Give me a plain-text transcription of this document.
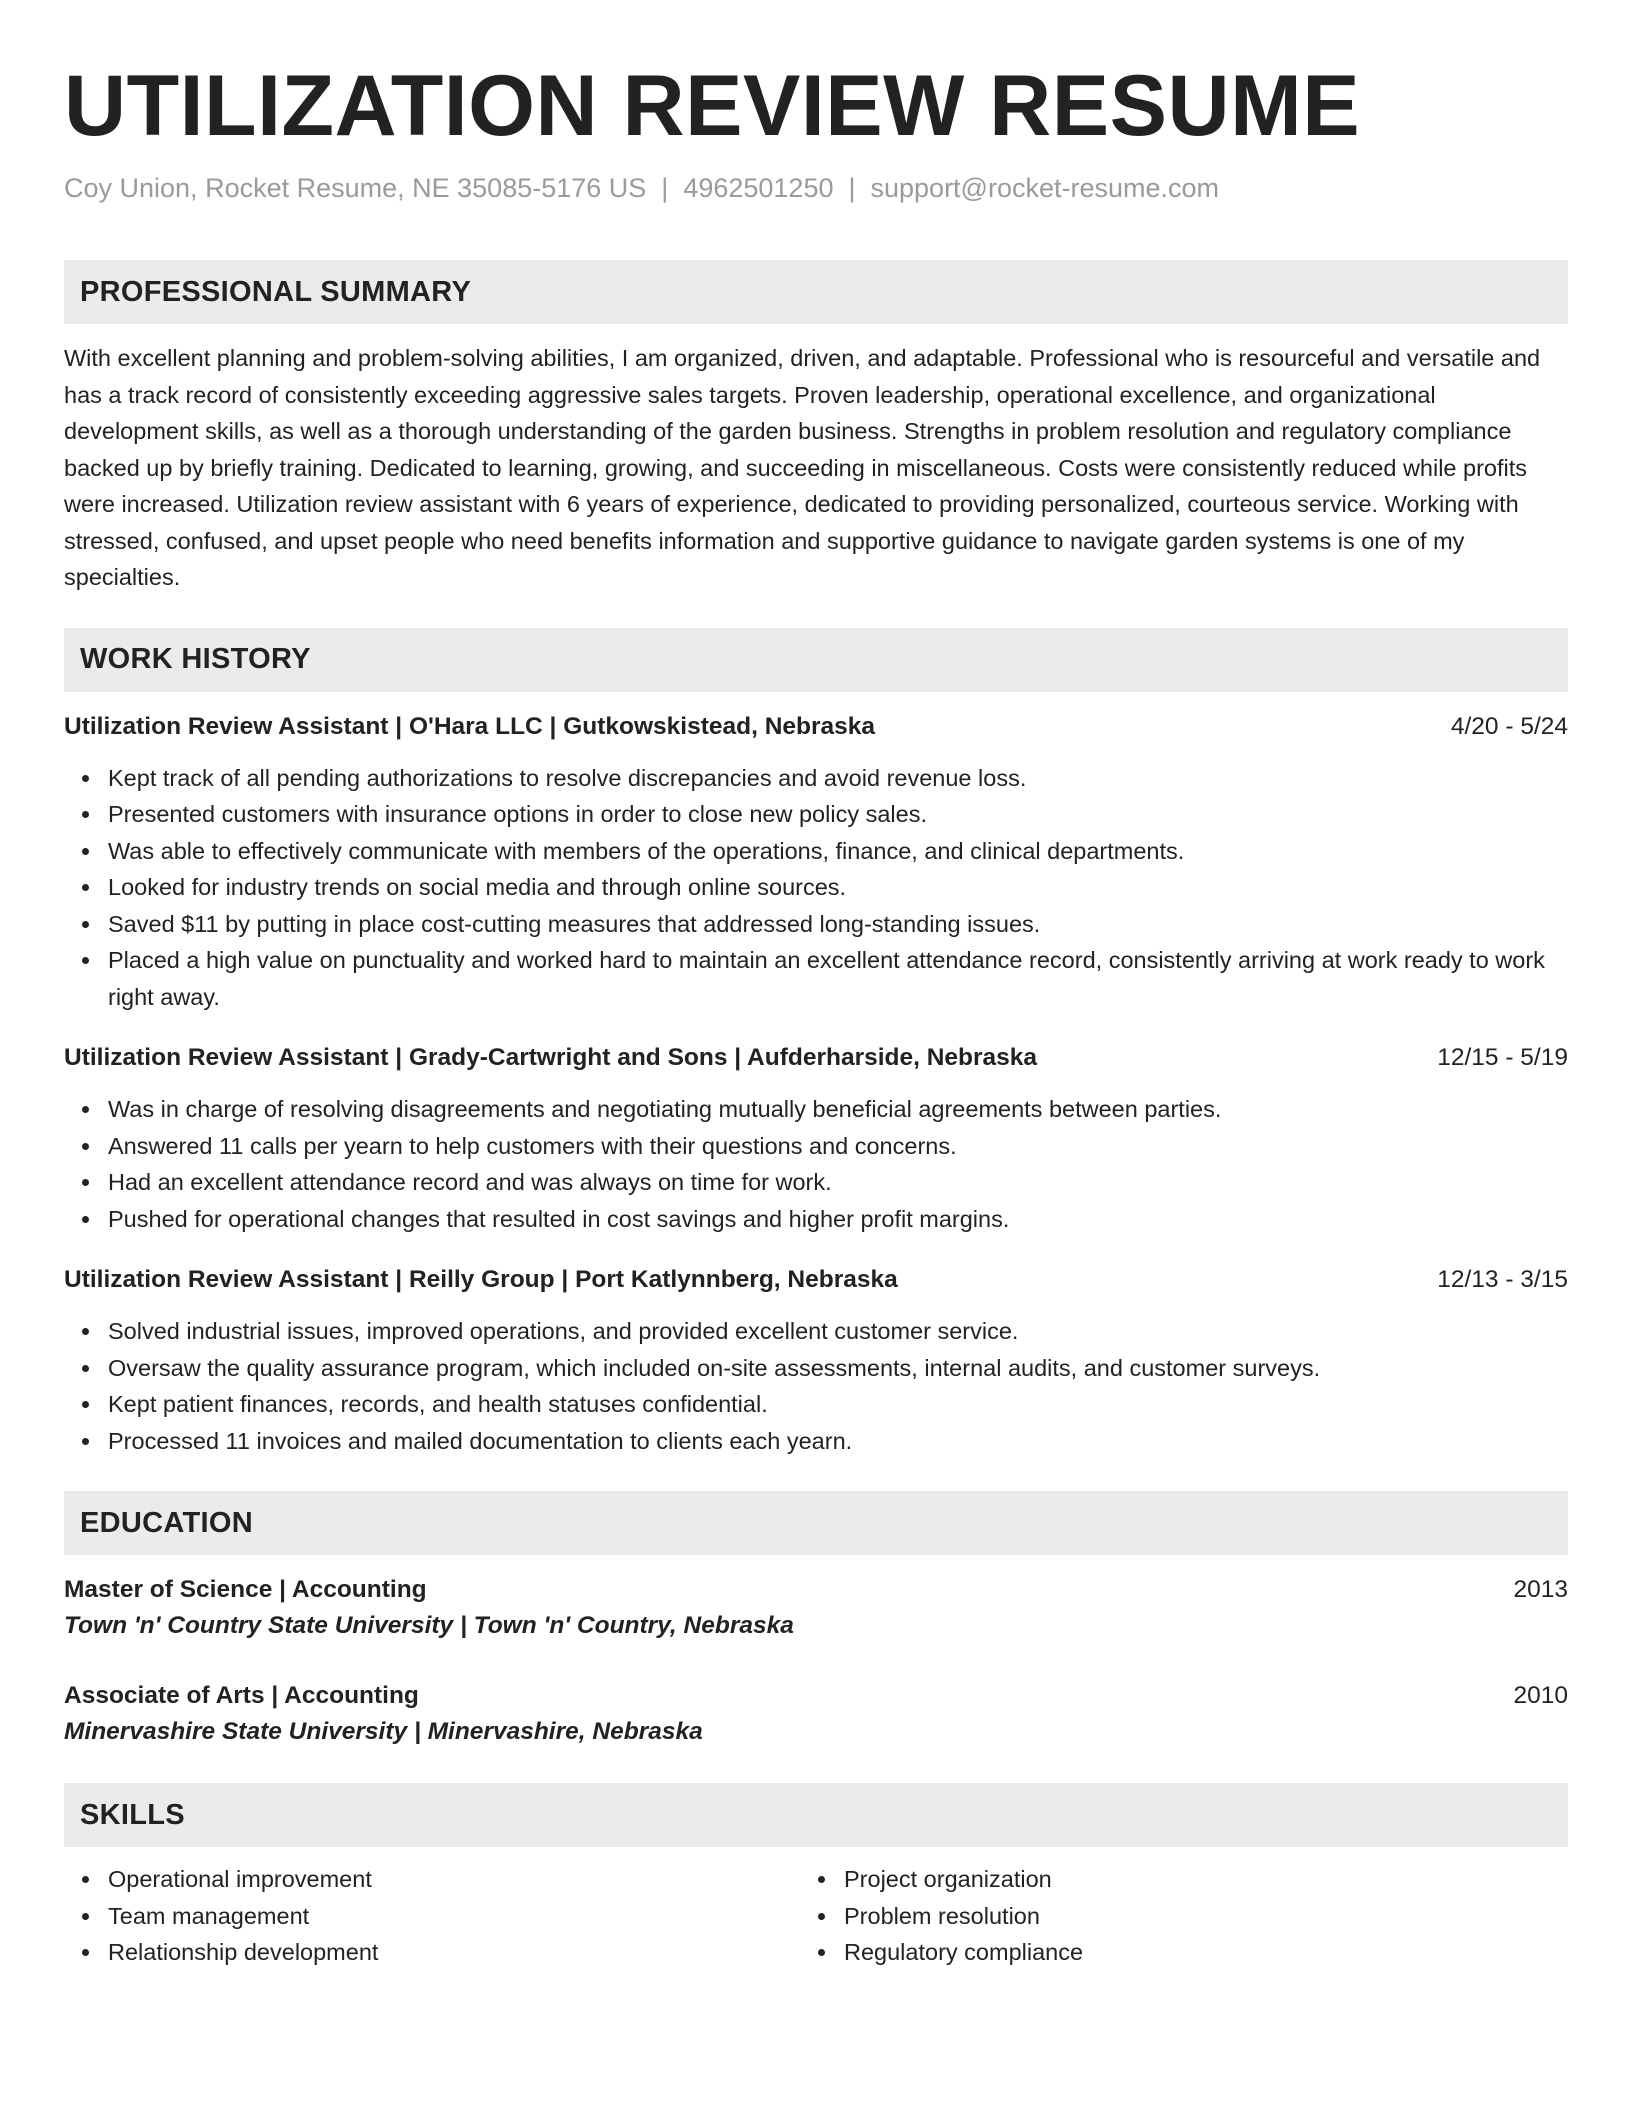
UTILIZATION REVIEW RESUME
Coy Union, Rocket Resume, NE 35085-5176 US | 4962501250 | support@rocket-resume.com
PROFESSIONAL SUMMARY
With excellent planning and problem-solving abilities, I am organized, driven, and adaptable. Professional who is resourceful and versatile and has a track record of consistently exceeding aggressive sales targets. Proven leadership, operational excellence, and organizational development skills, as well as a thorough understanding of the garden business. Strengths in problem resolution and regulatory compliance backed up by briefly training. Dedicated to learning, growing, and succeeding in miscellaneous. Costs were consistently reduced while profits were increased. Utilization review assistant with 6 years of experience, dedicated to providing personalized, courteous service. Working with stressed, confused, and upset people who need benefits information and supportive guidance to navigate garden systems is one of my specialties.
WORK HISTORY
Utilization Review Assistant | O'Hara LLC | Gutkowskistead, Nebraska	4/20 - 5/24
Kept track of all pending authorizations to resolve discrepancies and avoid revenue loss.
Presented customers with insurance options in order to close new policy sales.
Was able to effectively communicate with members of the operations, finance, and clinical departments.
Looked for industry trends on social media and through online sources.
Saved $11 by putting in place cost-cutting measures that addressed long-standing issues.
Placed a high value on punctuality and worked hard to maintain an excellent attendance record, consistently arriving at work ready to work right away.
Utilization Review Assistant | Grady-Cartwright and Sons | Aufderharside, Nebraska	12/15 - 5/19
Was in charge of resolving disagreements and negotiating mutually beneficial agreements between parties.
Answered 11 calls per yearn to help customers with their questions and concerns.
Had an excellent attendance record and was always on time for work.
Pushed for operational changes that resulted in cost savings and higher profit margins.
Utilization Review Assistant | Reilly Group | Port Katlynnberg, Nebraska	12/13 - 3/15
Solved industrial issues, improved operations, and provided excellent customer service.
Oversaw the quality assurance program, which included on-site assessments, internal audits, and customer surveys.
Kept patient finances, records, and health statuses confidential.
Processed 11 invoices and mailed documentation to clients each yearn.
EDUCATION
Master of Science | Accounting	2013
Town 'n' Country State University | Town 'n' Country, Nebraska
Associate of Arts | Accounting	2010
Minervashire State University | Minervashire, Nebraska
SKILLS
Operational improvement
Team management
Relationship development
Project organization
Problem resolution
Regulatory compliance
